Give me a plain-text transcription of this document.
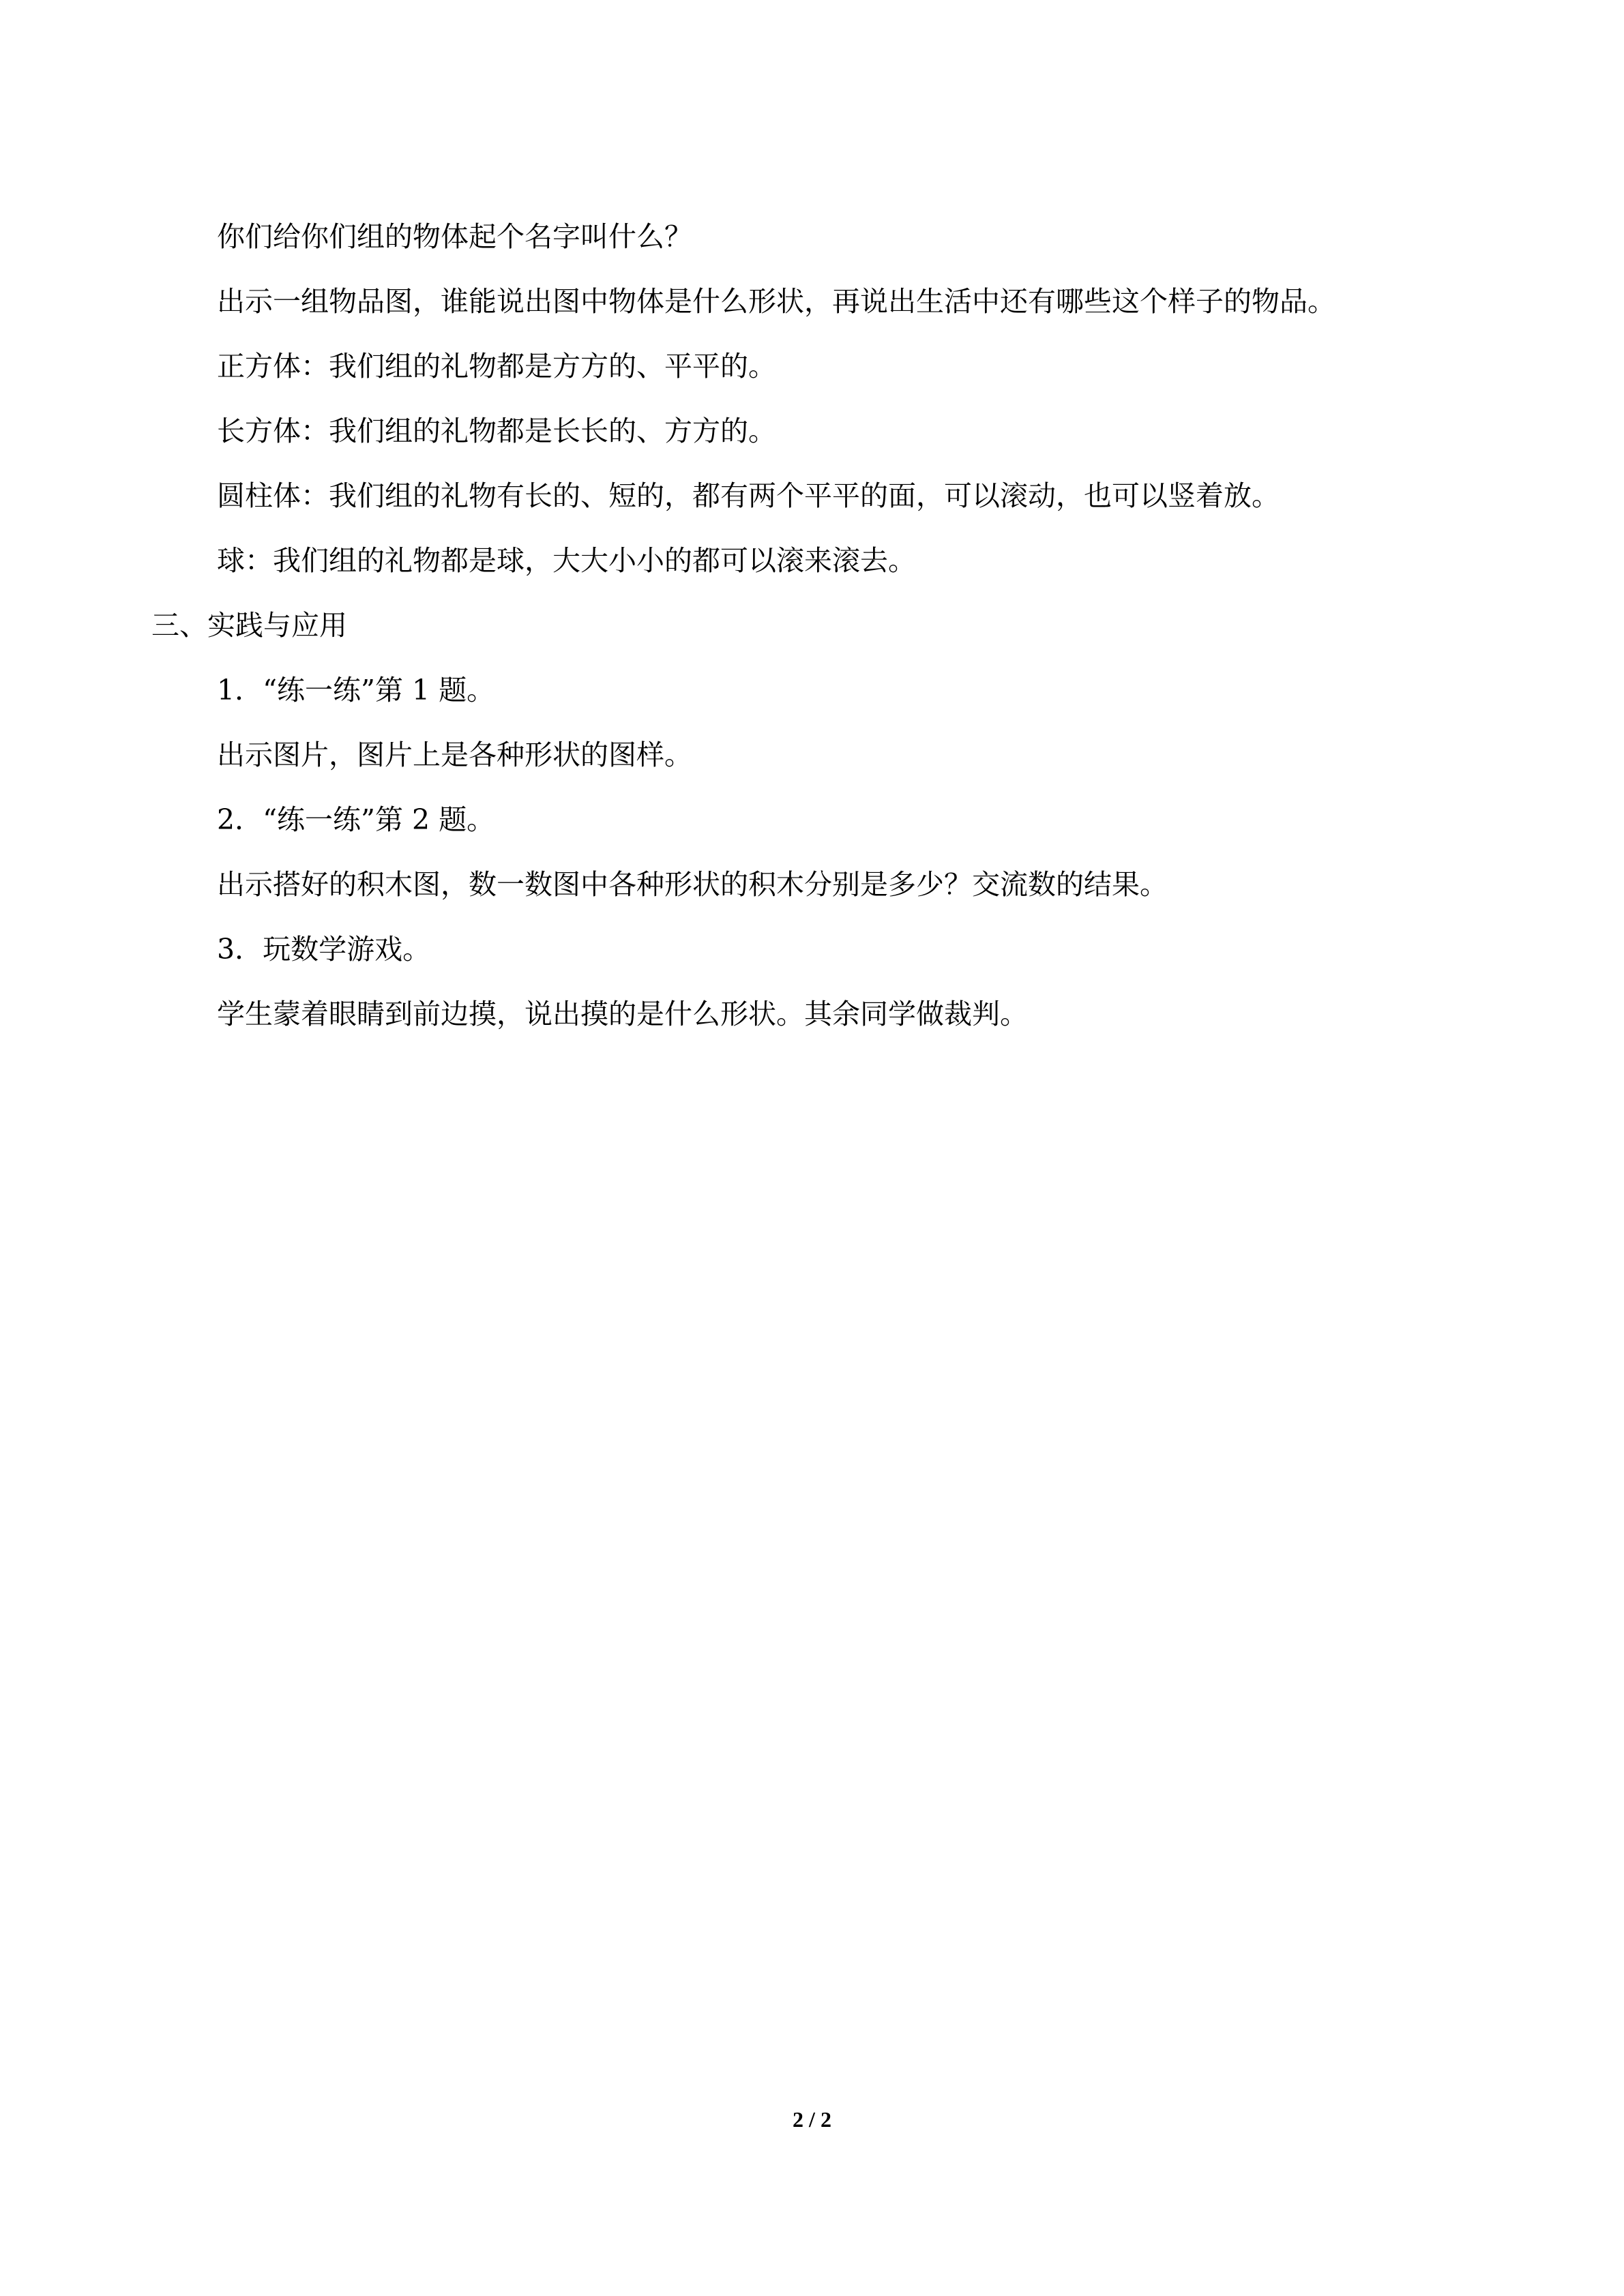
你们给你们组的物体起个名字叫什么？

出示一组物品图，谁能说出图中物体是什么形状，再说出生活中还有哪些这个样子的物品。

正方体：我们组的礼物都是方方的、平平的。

长方体：我们组的礼物都是长长的、方方的。

圆柱体：我们组的礼物有长的、短的，都有两个平平的面，可以滚动，也可以竖着放。

球：我们组的礼物都是球，大大小小的都可以滚来滚去。

三、实践与应用

1．“练一练”第 1 题。

出示图片，图片上是各种形状的图样。

2．“练一练”第 2 题。

出示搭好的积木图，数一数图中各种形状的积木分别是多少？交流数的结果。

3．玩数学游戏。

学生蒙着眼睛到前边摸，说出摸的是什么形状。其余同学做裁判。

2 / 2
